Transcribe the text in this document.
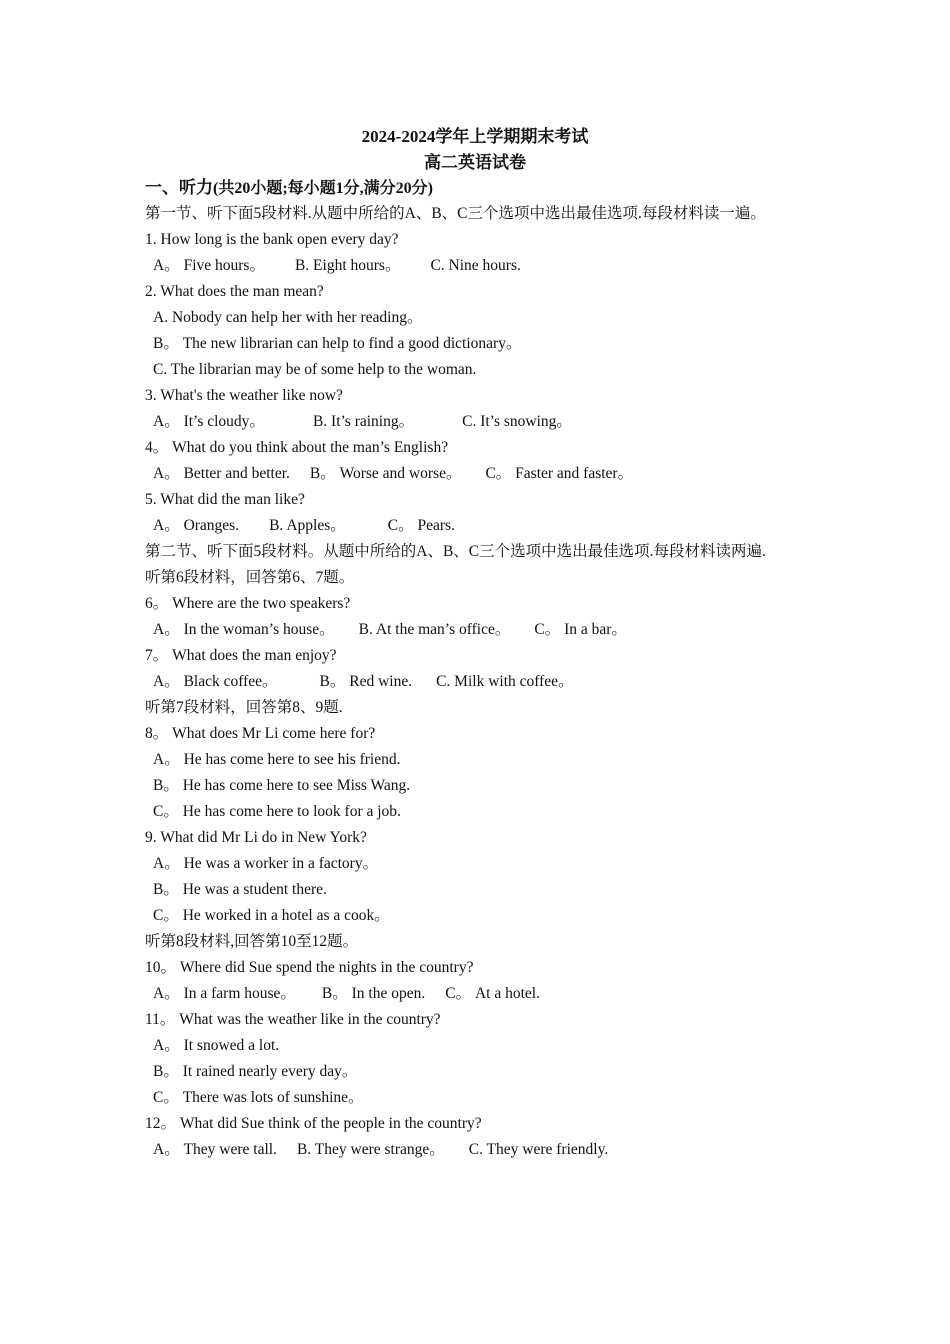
2024-2024学年上学期期末考试
高二英语试卷
一、听力(共20小题;每小题1分,满分20分)
第一节、听下面5段材料.从题中所给的A、B、C三个选项中选出最佳选项.每段材料读一遍。
1. How long is the bank open every day?
A。 Five hours。 B. Eight hours。 C. Nine hours.
2. What does the man mean?
A. Nobody can help her with her reading。
B。 The new librarian can help to find a good dictionary。
C. The librarian may be of some help to the woman.
3. What's the weather like now?
A。 It’s cloudy。	B. It’s raining。	C. It’s snowing。
4。 What do you think about the man’s English?
A。 Better and better. B。 Worse and worse。 C。 Faster and faster。
5. What did the man like?
A。 Oranges. B. Apples。	C。 Pears.
第二节、听下面5段材料。从题中所给的A、B、C三个选项中选出最佳选项.每段材料读两遍.
听第6段材料，回答第6、7题。
6。 Where are the two speakers?
A。 In the woman’s house。 B. At the man’s office。 C。 In a bar。
7。 What does the man enjoy?
A。 Black coffee。	B。 Red wine. C. Milk with coffee。
听第7段材料，回答第8、9题.
8。 What does Mr Li come here for?
A。 He has come here to see his friend.
B。 He has come here to see Miss Wang.
C。 He has come here to look for a job.
9. What did Mr Li do in New York?
A。 He was a worker in a factory。
B。 He was a student there.
C。 He worked in a hotel as a cook。
听第8段材料,回答第10至12题。
10。 Where did Sue spend the nights in the country?
A。 In a farm house。 B。 In the open. C。 At a hotel.
11。 What was the weather like in the country?
A。 It snowed a lot.
B。 It rained nearly every day。
C。 There was lots of sunshine。
12。 What did Sue think of the people in the country?
A。 They were tall. B. They were strange。 C. They were friendly.
